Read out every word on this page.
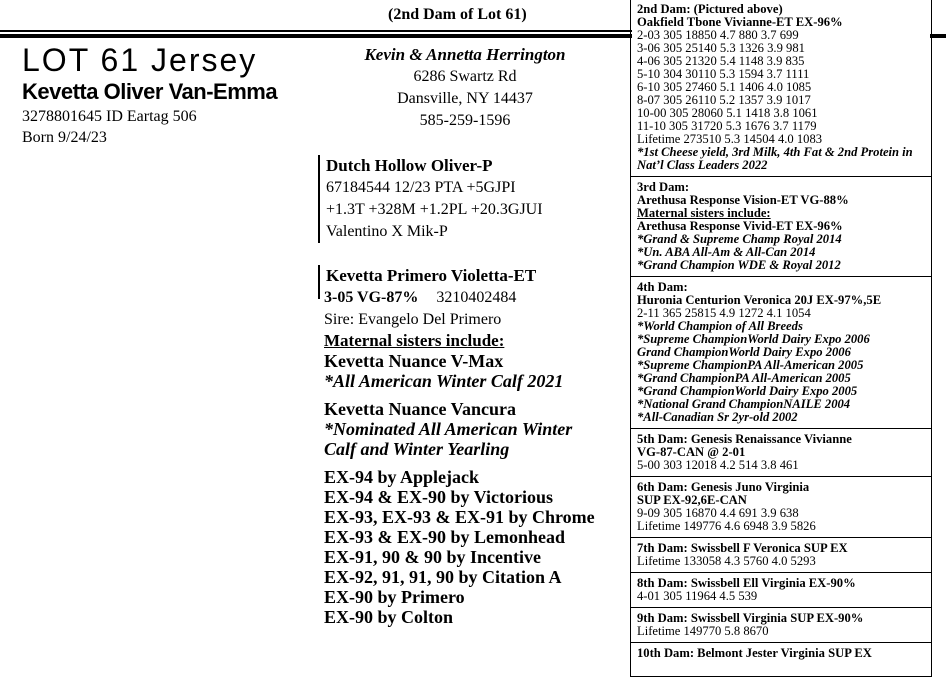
(2nd Dam of Lot 61)
LOT 61 Jersey
Kevetta Oliver Van-Emma
3278801645 ID Eartag 506
Born 9/24/23
Kevin & Annetta Herrington
6286 Swartz Rd
Dansville, NY 14437
585-259-1596
Dutch Hollow Oliver-P
67184544 12/23 PTA +5GJPI
+1.3T +328M +1.2PL +20.3GJUI
Valentino X Mik-P
Kevetta Primero Violetta-ET
3-05 VG-87% 3210402484
Sire: Evangelo Del Primero
Maternal sisters include:
Kevetta Nuance V-Max
*All American Winter Calf 2021
Kevetta Nuance Vancura
*Nominated All American Winter
Calf and Winter Yearling
EX-94 by Applejack
EX-94 & EX-90 by Victorious
EX-93, EX-93 & EX-91 by Chrome
EX-93 & EX-90 by Lemonhead
EX-91, 90 & 90 by Incentive
EX-92, 91, 91, 90 by Citation A
EX-90 by Primero
EX-90 by Colton
2nd Dam: (Pictured above)
Oakfield Tbone Vivianne-ET EX-96%
2-03 305 18850 4.7 880 3.7 699
3-06 305 25140 5.3 1326 3.9 981
4-06 305 21320 5.4 1148 3.9 835
5-10 304 30110 5.3 1594 3.7 1111
6-10 305 27460 5.1 1406 4.0 1085
8-07 305 26110 5.2 1357 3.9 1017
10-00 305 28060 5.1 1418 3.8 1061
11-10 305 31720 5.3 1676 3.7 1179
Lifetime 273510 5.3 14504 4.0 1083
*1st Cheese yield, 3rd Milk, 4th Fat & 2nd Protein in Nat’l Class Leaders 2022
3rd Dam:
Arethusa Response Vision-ET VG-88%
Maternal sisters include:
Arethusa Response Vivid-ET EX-96%
*Grand & Supreme Champ Royal 2014
*Un. ABA All-Am & All-Can 2014
*Grand Champion WDE & Royal 2012
4th Dam:
Huronia Centurion Veronica 20J EX-97%,5E
2-11 365 25815 4.9 1272 4.1 1054
*World Champion of All Breeds
*Supreme ChampionWorld Dairy Expo 2006
Grand ChampionWorld Dairy Expo 2006
*Supreme ChampionPA All-American 2005
*Grand ChampionPA All-American 2005
*Grand ChampionWorld Dairy Expo 2005
*National Grand ChampionNAILE 2004
*All-Canadian Sr 2yr-old 2002
5th Dam: Genesis Renaissance Vivianne
VG-87-CAN @ 2-01
5-00 303 12018 4.2 514 3.8 461
6th Dam: Genesis Juno Virginia
SUP EX-92,6E-CAN
9-09 305 16870 4.4 691 3.9 638
Lifetime 149776 4.6 6948 3.9 5826
7th Dam: Swissbell F Veronica SUP EX
Lifetime 133058 4.3 5760 4.0 5293
8th Dam: Swissbell Ell Virginia EX-90%
4-01 305 11964 4.5 539
9th Dam: Swissbell Virginia SUP EX-90%
Lifetime 149770 5.8 8670
10th Dam: Belmont Jester Virginia SUP EX
